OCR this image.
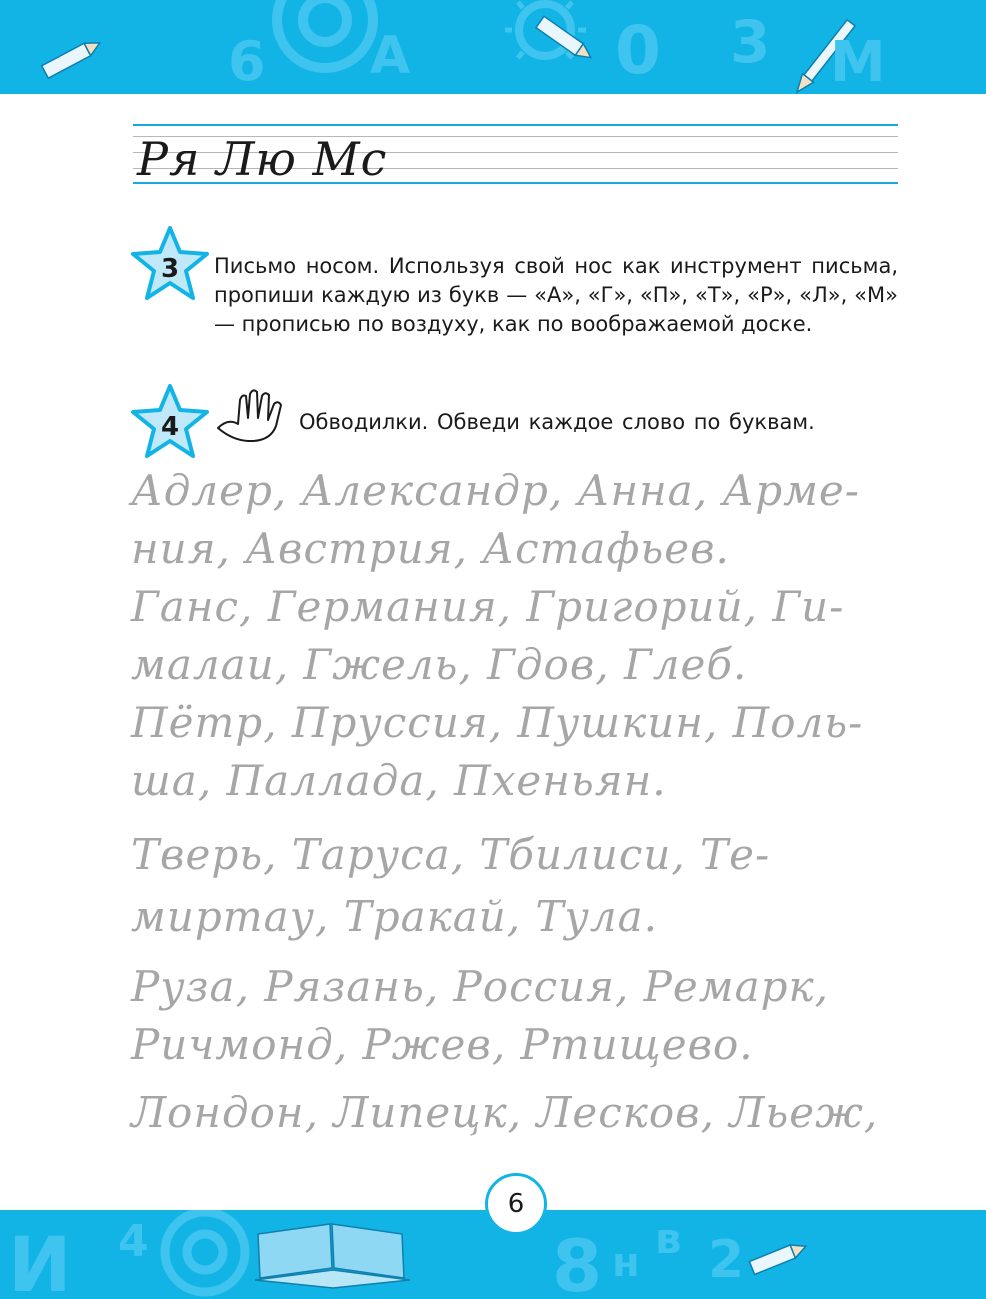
6 А	0 3 М
Ря Лю Мс
3 Письмо носом. Используя свой нос как инструмент письма, пропиши каждую из букв — «А», «Г», «П», «Т», «Р», «Л», «М» — прописью по воздуху, как по воображаемой доске.
4	Обводилки. Обведи каждое слово по буквам.
Адлер, Александр, Анна, Арме-
ния, Австрия, Астафьев.
Ганс, Германия, Григорий, Ги-
малаи, Гжель, Гдов, Глеб.
Пётр, Пруссия, Пушкин, Поль-
ша, Паллада, Пхеньян.
Тверь, Таруса, Тбилиси, Те-
миртау, Тракай, Тула.
Руза, Рязань, Россия, Ремарк,
Ричмонд, Ржев, Ртищево.
Лондон, Липецк, Лесков, Льеж,
И 4	8 н в 2
6
